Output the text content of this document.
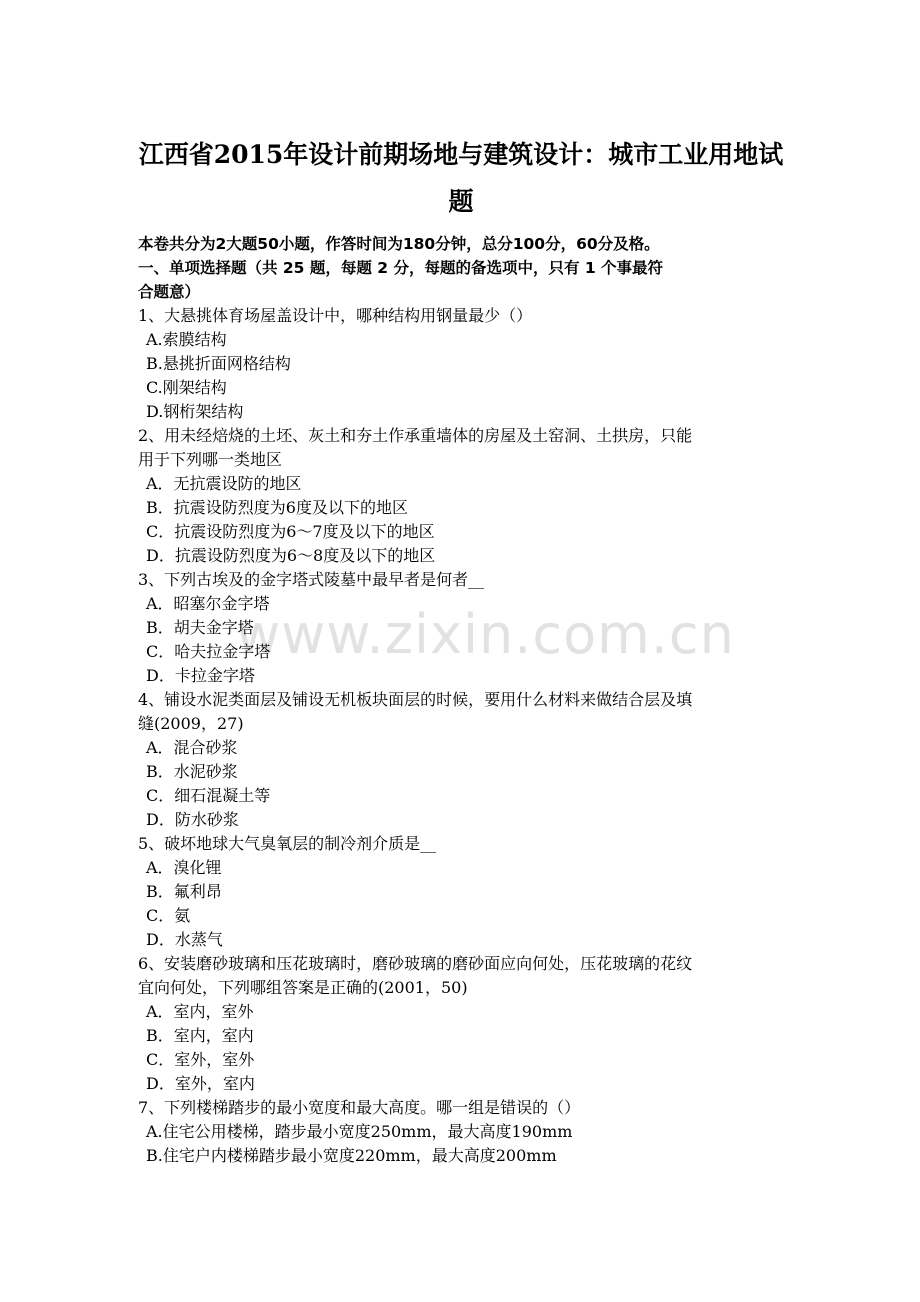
江西省2015年设计前期场地与建筑设计：城市工业用地试
题
本卷共分为2大题50小题，作答时间为180分钟，总分100分，60分及格。
一、单项选择题（共 25 题，每题 2 分，每题的备选项中，只有 1 个事最符
合题意）
www.zixin.com.cn
1、大悬挑体育场屋盖设计中，哪种结构用钢量最少（）
A.索膜结构
B.悬挑折面网格结构
C.刚架结构
D.钢桁架结构
2、用未经焙烧的土坯、灰土和夯土作承重墙体的房屋及土窑洞、土拱房，只能
用于下列哪一类地区
A．无抗震设防的地区
B．抗震设防烈度为6度及以下的地区
C．抗震设防烈度为6～7度及以下的地区
D．抗震设防烈度为6～8度及以下的地区
3、下列古埃及的金字塔式陵墓中最早者是何者__
A．昭塞尔金字塔
B．胡夫金字塔
C．哈夫拉金字塔
D．卡拉金字塔
4、铺设水泥类面层及铺设无机板块面层的时候，要用什么材料来做结合层及填
缝(2009，27)
A．混合砂浆
B．水泥砂浆
C．细石混凝土等
D．防水砂浆
5、破坏地球大气臭氧层的制冷剂介质是__
A．溴化锂
B．氟利昂
C．氨
D．水蒸气
6、安装磨砂玻璃和压花玻璃时，磨砂玻璃的磨砂面应向何处，压花玻璃的花纹
宜向何处，下列哪组答案是正确的(2001，50)
A．室内，室外
B．室内，室内
C．室外，室外
D．室外，室内
7、下列楼梯踏步的最小宽度和最大高度。哪一组是错误的（）
A.住宅公用楼梯，踏步最小宽度250mm，最大高度190mm
B.住宅户内楼梯踏步最小宽度220mm，最大高度200mm
